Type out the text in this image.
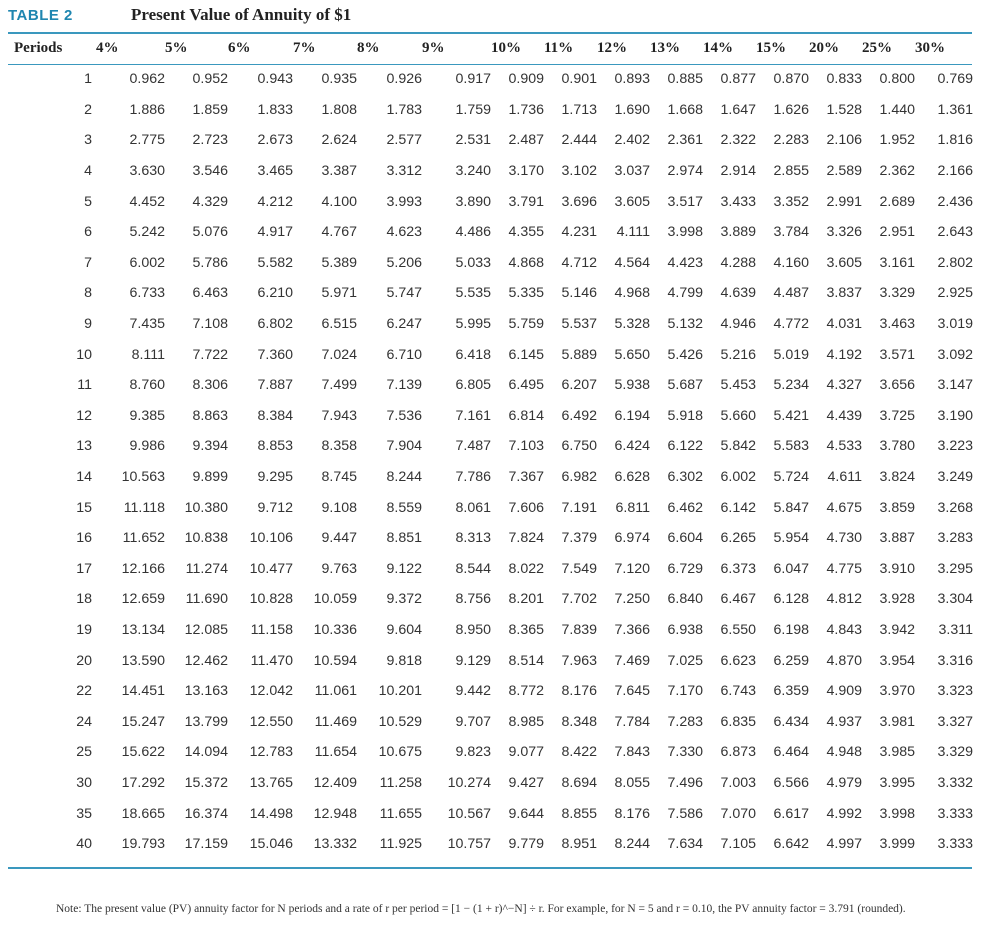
TABLE 2	Present Value of Annuity of $1
Periods	4%	5%	6%	7%	8%	9%	10%	11%	12%	13%	14%	15%	20%	25%	30%
1	0.962	0.952	0.943	0.935	0.926	0.917	0.909	0.901	0.893	0.885	0.877	0.870	0.833	0.800	0.769
2	1.886	1.859	1.833	1.808	1.783	1.759	1.736	1.713	1.690	1.668	1.647	1.626	1.528	1.440	1.361
3	2.775	2.723	2.673	2.624	2.577	2.531	2.487	2.444	2.402	2.361	2.322	2.283	2.106	1.952	1.816
4	3.630	3.546	3.465	3.387	3.312	3.240	3.170	3.102	3.037	2.974	2.914	2.855	2.589	2.362	2.166
5	4.452	4.329	4.212	4.100	3.993	3.890	3.791	3.696	3.605	3.517	3.433	3.352	2.991	2.689	2.436
6	5.242	5.076	4.917	4.767	4.623	4.486	4.355	4.231	4.111	3.998	3.889	3.784	3.326	2.951	2.643
7	6.002	5.786	5.582	5.389	5.206	5.033	4.868	4.712	4.564	4.423	4.288	4.160	3.605	3.161	2.802
8	6.733	6.463	6.210	5.971	5.747	5.535	5.335	5.146	4.968	4.799	4.639	4.487	3.837	3.329	2.925
9	7.435	7.108	6.802	6.515	6.247	5.995	5.759	5.537	5.328	5.132	4.946	4.772	4.031	3.463	3.019
10	8.111	7.722	7.360	7.024	6.710	6.418	6.145	5.889	5.650	5.426	5.216	5.019	4.192	3.571	3.092
11	8.760	8.306	7.887	7.499	7.139	6.805	6.495	6.207	5.938	5.687	5.453	5.234	4.327	3.656	3.147
12	9.385	8.863	8.384	7.943	7.536	7.161	6.814	6.492	6.194	5.918	5.660	5.421	4.439	3.725	3.190
13	9.986	9.394	8.853	8.358	7.904	7.487	7.103	6.750	6.424	6.122	5.842	5.583	4.533	3.780	3.223
14	10.563	9.899	9.295	8.745	8.244	7.786	7.367	6.982	6.628	6.302	6.002	5.724	4.611	3.824	3.249
15	11.118	10.380	9.712	9.108	8.559	8.061	7.606	7.191	6.811	6.462	6.142	5.847	4.675	3.859	3.268
16	11.652	10.838	10.106	9.447	8.851	8.313	7.824	7.379	6.974	6.604	6.265	5.954	4.730	3.887	3.283
17	12.166	11.274	10.477	9.763	9.122	8.544	8.022	7.549	7.120	6.729	6.373	6.047	4.775	3.910	3.295
18	12.659	11.690	10.828	10.059	9.372	8.756	8.201	7.702	7.250	6.840	6.467	6.128	4.812	3.928	3.304
19	13.134	12.085	11.158	10.336	9.604	8.950	8.365	7.839	7.366	6.938	6.550	6.198	4.843	3.942	3.311
20	13.590	12.462	11.470	10.594	9.818	9.129	8.514	7.963	7.469	7.025	6.623	6.259	4.870	3.954	3.316
22	14.451	13.163	12.042	11.061	10.201	9.442	8.772	8.176	7.645	7.170	6.743	6.359	4.909	3.970	3.323
24	15.247	13.799	12.550	11.469	10.529	9.707	8.985	8.348	7.784	7.283	6.835	6.434	4.937	3.981	3.327
25	15.622	14.094	12.783	11.654	10.675	9.823	9.077	8.422	7.843	7.330	6.873	6.464	4.948	3.985	3.329
30	17.292	15.372	13.765	12.409	11.258	10.274	9.427	8.694	8.055	7.496	7.003	6.566	4.979	3.995	3.332
35	18.665	16.374	14.498	12.948	11.655	10.567	9.644	8.855	8.176	7.586	7.070	6.617	4.992	3.998	3.333
40	19.793	17.159	15.046	13.332	11.925	10.757	9.779	8.951	8.244	7.634	7.105	6.642	4.997	3.999	3.333
Note: The present value (PV) annuity factor for N periods and a rate of r per period = [1 − (1 + r)^−N] ÷ r. For example, for N = 5 and r = 0.10, the PV annuity factor = 3.791 (rounded).
